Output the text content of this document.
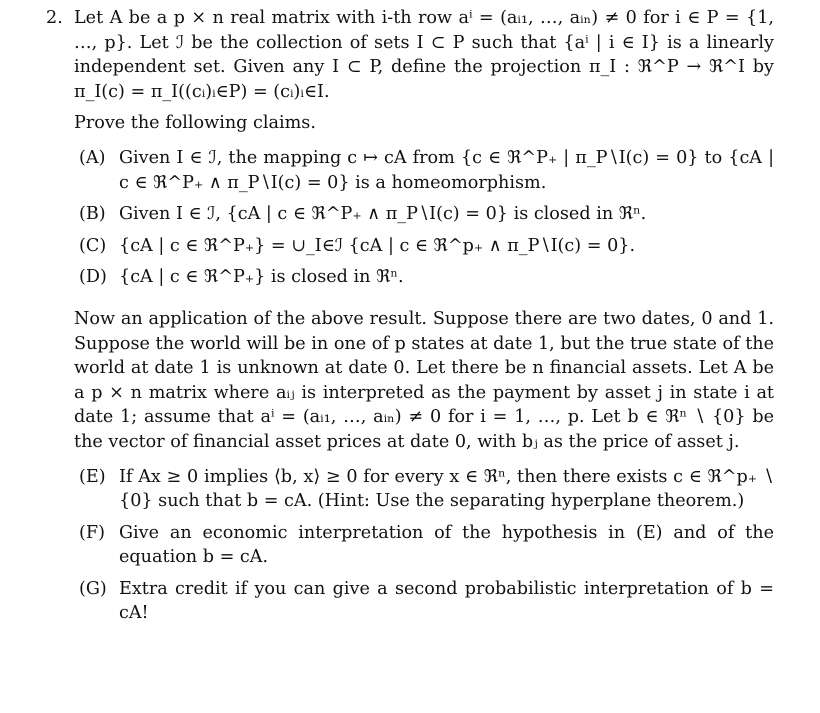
2. Let A be a p × n real matrix with i-th row aⁱ = (aᵢ₁, …, aᵢₙ) ≠ 0 for i ∈ P = {1, …, p}. Let ℐ be the collection of sets I ⊂ P such that {aⁱ | i ∈ I} is a linearly independent set. Given any I ⊂ P, define the projection π_I : ℜ^P → ℜ^I by π_I(c) = π_I((cᵢ)ᵢ∈P) = (cᵢ)ᵢ∈I.

Prove the following claims.

(A) Given I ∈ ℐ, the mapping c ↦ cA from {c ∈ ℜ^P₊ | π_P∖I(c) = 0} to {cA | c ∈ ℜ^P₊ ∧ π_P∖I(c) = 0} is a homeomorphism.
(B) Given I ∈ ℐ, {cA | c ∈ ℜ^P₊ ∧ π_P∖I(c) = 0} is closed in ℜⁿ.
(C) {cA | c ∈ ℜ^P₊} = ∪_I∈ℐ {cA | c ∈ ℜ^p₊ ∧ π_P∖I(c) = 0}.
(D) {cA | c ∈ ℜ^P₊} is closed in ℜⁿ.

Now an application of the above result. Suppose there are two dates, 0 and 1. Suppose the world will be in one of p states at date 1, but the true state of the world at date 1 is unknown at date 0. Let there be n financial assets. Let A be a p × n matrix where aᵢⱼ is interpreted as the payment by asset j in state i at date 1; assume that aⁱ = (aᵢ₁, …, aᵢₙ) ≠ 0 for i = 1, …, p. Let b ∈ ℜⁿ ∖ {0} be the vector of financial asset prices at date 0, with bⱼ as the price of asset j.

(E) If Ax ≥ 0 implies ⟨b, x⟩ ≥ 0 for every x ∈ ℜⁿ, then there exists c ∈ ℜ^p₊ ∖ {0} such that b = cA. (Hint: Use the separating hyperplane theorem.)
(F) Give an economic interpretation of the hypothesis in (E) and of the equation b = cA.
(G) Extra credit if you can give a second probabilistic interpretation of b = cA!
